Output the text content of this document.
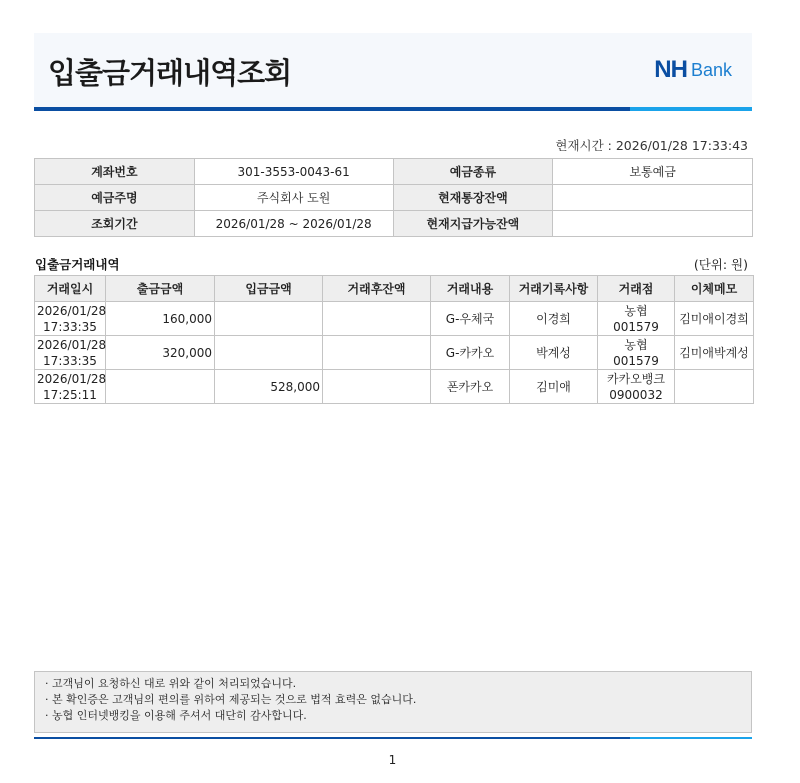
입출금거래내역조회	NH Bank
현재시간 : 2026/01/28 17:33:43
계좌번호	301-3553-0043-61	예금종류	보통예금
예금주명	주식회사 도원	현재통장잔액	
조회기간	2026/01/28 ~ 2026/01/28	현재지급가능잔액	
입출금거래내역	(단위: 원)
거래일시	출금금액	입금금액	거래후잔액	거래내용	거래기록사항	거래점	이체메모
2026/01/28
17:33:35	160,000			G-우체국	이경희	농협 001579	김미애이경희
2026/01/28
17:33:35	320,000			G-카카오	박계성	농협 001579	김미애박계성
2026/01/28
17:25:11		528,000		폰카카오	김미애	카카오뱅크 0900032	
· 고객님이 요청하신 대로 위와 같이 처리되었습니다.
· 본 확인증은 고객님의 편의를 위하여 제공되는 것으로 법적 효력은 없습니다.
· 농협 인터넷뱅킹을 이용해 주셔서 대단히 감사합니다.
1
